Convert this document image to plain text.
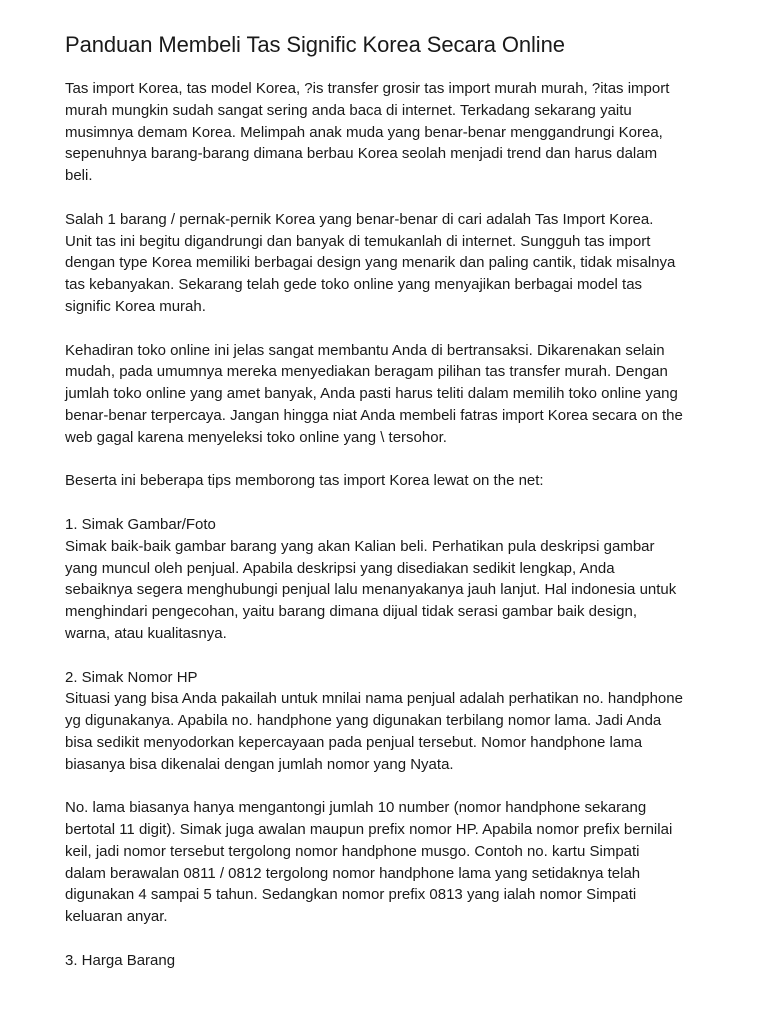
Panduan Membeli Tas Signific Korea Secara Online
Tas import Korea, tas model Korea, ?is transfer grosir tas import murah murah, ?itas import
murah mungkin sudah sangat sering anda baca di internet. Terkadang sekarang yaitu
musimnya demam Korea. Melimpah anak muda yang benar-benar menggandrungi Korea,
sepenuhnya barang-barang dimana berbau Korea seolah menjadi trend dan harus dalam
beli.
Salah 1 barang / pernak-pernik Korea yang benar-benar di cari adalah Tas Import Korea.
Unit tas ini begitu digandrungi dan banyak di temukanlah di internet. Sungguh tas import
dengan type Korea memiliki berbagai design yang menarik dan paling cantik, tidak misalnya
tas kebanyakan. Sekarang telah gede toko online yang menyajikan berbagai model tas
signific Korea murah.
Kehadiran toko online ini jelas sangat membantu Anda di bertransaksi. Dikarenakan selain
mudah, pada umumnya mereka menyediakan beragam pilihan tas transfer murah. Dengan
jumlah toko online yang amet banyak, Anda pasti harus teliti dalam memilih toko online yang
benar-benar terpercaya. Jangan hingga niat Anda membeli fatras import Korea secara on the
web gagal karena menyeleksi toko online yang \ tersohor.
Beserta ini beberapa tips memborong tas import Korea lewat on the net:
1. Simak Gambar/Foto
Simak baik-baik gambar barang yang akan Kalian beli. Perhatikan pula deskripsi gambar
yang muncul oleh penjual. Apabila deskripsi yang disediakan sedikit lengkap, Anda
sebaiknya segera menghubungi penjual lalu menanyakanya jauh lanjut. Hal indonesia untuk
menghindari pengecohan, yaitu barang dimana dijual tidak serasi gambar baik design,
warna, atau kualitasnya.
2. Simak Nomor HP
Situasi yang bisa Anda pakailah untuk mnilai nama penjual adalah perhatikan no. handphone
yg digunakanya. Apabila no. handphone yang digunakan terbilang nomor lama. Jadi Anda
bisa sedikit menyodorkan kepercayaan pada penjual tersebut. Nomor handphone lama
biasanya bisa dikenalai dengan jumlah nomor yang Nyata.
No. lama biasanya hanya mengantongi jumlah 10 number (nomor handphone sekarang
bertotal 11 digit). Simak juga awalan maupun prefix nomor HP. Apabila nomor prefix bernilai
keil, jadi nomor tersebut tergolong nomor handphone musgo. Contoh no. kartu Simpati
dalam berawalan 0811 / 0812 tergolong nomor handphone lama yang setidaknya telah
digunakan 4 sampai 5 tahun. Sedangkan nomor prefix 0813 yang ialah nomor Simpati
keluaran anyar.
3. Harga Barang
